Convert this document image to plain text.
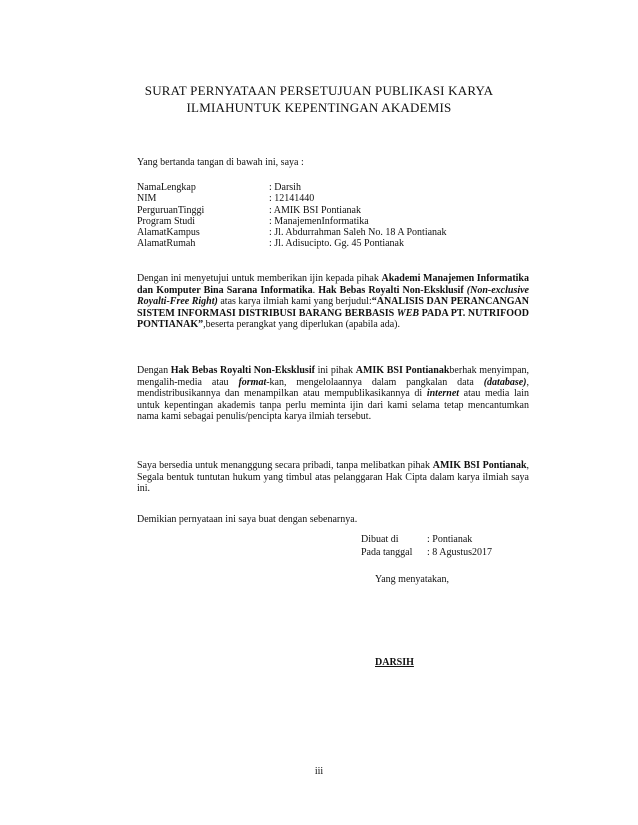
SURAT PERNYATAAN PERSETUJUAN PUBLIKASI KARYA
ILMIAHUNTUK KEPENTINGAN AKADEMIS
Yang bertanda tangan di bawah ini, saya :
NamaLengkap	: Darsih
NIM	: 12141440
PerguruanTinggi	: AMIK BSI Pontianak
Program Studi	: ManajemenInformatika
AlamatKampus	: Jl. Abdurrahman Saleh No. 18 A Pontianak
AlamatRumah	: Jl. Adisucipto. Gg. 45 Pontianak
Dengan ini menyetujui untuk memberikan ijin kepada pihak Akademi Manajemen Informatika dan Komputer Bina Sarana Informatika. Hak Bebas Royalti Non-Eksklusif (Non-exclusive Royalti-Free Right) atas karya ilmiah kami yang berjudul:“ANALISIS DAN PERANCANGAN SISTEM INFORMASI DISTRIBUSI BARANG BERBASIS WEB PADA PT. NUTRIFOOD PONTIANAK”,beserta perangkat yang diperlukan (apabila ada).
Dengan Hak Bebas Royalti Non-Eksklusif ini pihak AMIK BSI Pontianakberhak menyimpan, mengalih-media atau format-kan, mengelolaannya dalam pangkalan data (database), mendistribusikannya dan menampilkan atau mempublikasikannya di internet atau media lain untuk kepentingan akademis tanpa perlu meminta ijin dari kami selama tetap mencantumkan nama kami sebagai penulis/pencipta karya ilmiah tersebut.
Saya bersedia untuk menanggung secara pribadi, tanpa melibatkan pihak AMIK BSI Pontianak, Segala bentuk tuntutan hukum yang timbul atas pelanggaran Hak Cipta dalam karya ilmiah saya ini.
Demikian pernyataan ini saya buat dengan sebenarnya.
Dibuat di	: Pontianak
Pada tanggal : 8 Agustus2017
Yang menyatakan,
DARSIH
iii
